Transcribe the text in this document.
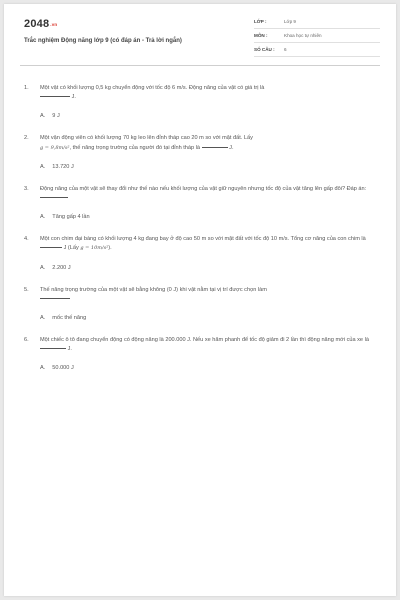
2048.vn
Trắc nghiệm Động năng lớp 9 (có đáp án - Trả lời ngắn)
LỚP :	Lớp 9
MÔN :	Khoa học tự nhiên
SỐ CÂU :	6
1. Một vật có khối lượng 0,5 kg chuyển động với tốc độ 6 m/s. Động năng của vật có giá trị là
J.
A. 9 J
2. Một vận động viên có khối lượng 70 kg leo lên đỉnh tháp cao 20 m so với mặt đất. Lấy
g = 9,8m/s², thế năng trọng trường của người đó tại đỉnh tháp là	J.
A. 13.720 J
3. Động năng của một vật sẽ thay đổi như thế nào nếu khối lượng của vật giữ nguyên nhưng tốc độ của vật tăng lên gấp đôi? Đáp án:
A. Tăng gấp 4 lần
4. Một con chim đại bàng có khối lượng 4 kg đang bay ở độ cao 50 m so với mặt đất với tốc độ 10 m/s. Tổng cơ năng của con chim là  J (Lấy g = 10m/s²).
A. 2.200 J
5. Thế năng trọng trường của một vật sẽ bằng không (0 J) khi vật nằm tại vị trí được chọn làm

A. mốc thế năng
6. Một chiếc ô tô đang chuyển động có động năng là 200.000 J. Nếu xe hãm phanh để tốc độ giảm đi 2 lần thì động năng mới của xe là  J.
A. 50.000 J
